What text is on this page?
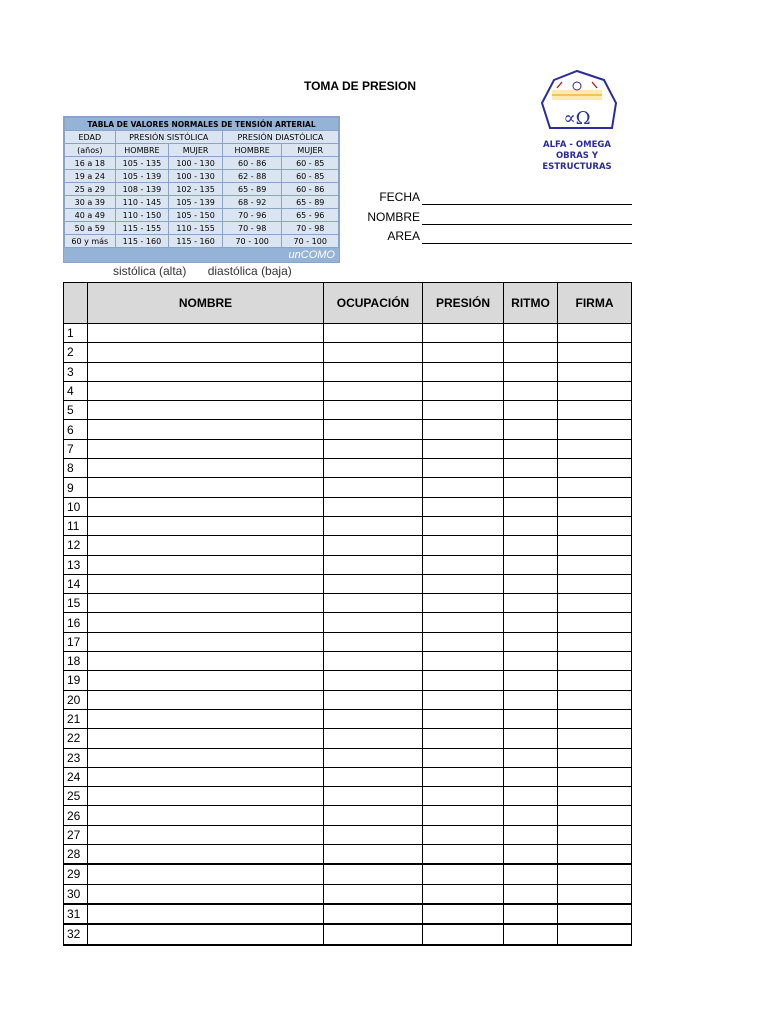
TOMA DE PRESION
TABLA DE VALORES NORMALES DE TENSIÓN ARTERIAL				
EDAD	PRESIÓN SISTÓLICA		PRESIÓN DIASTÓLICA	
(años)	HOMBRE	MUJER	HOMBRE	MUJER
16 a 18	105 - 135	100 - 130	60 - 86	60 - 85
19 a 24	105 - 139	100 - 130	62 - 88	60 - 85
25 a 29	108 - 139	102 - 135	65 - 89	60 - 86
30 a 39	110 - 145	105 - 139	68 - 92	65 - 89
40 a 49	110 - 150	105 - 150	70 - 96	65 - 96
50 a 59	115 - 155	110 - 155	70 - 98	70 - 98
60 y más	115 - 160	115 - 160	70 - 100	70 - 100
unCOMO
sistólica (alta) diastólica (baja)
∝Ω
ALFA - OMEGA
OBRAS Y ESTRUCTURAS
FECHA
NOMBRE
AREA
	NOMBRE	OCUPACIÓN	PRESIÓN	RITMO	FIRMA
1					
2					
3					
4					
5					
6					
7					
8					
9					
10					
11					
12					
13					
14					
15					
16					
17					
18					
19					
20					
21					
22					
23					
24					
25					
26					
27					
28					
29					
30					
31					
32					
